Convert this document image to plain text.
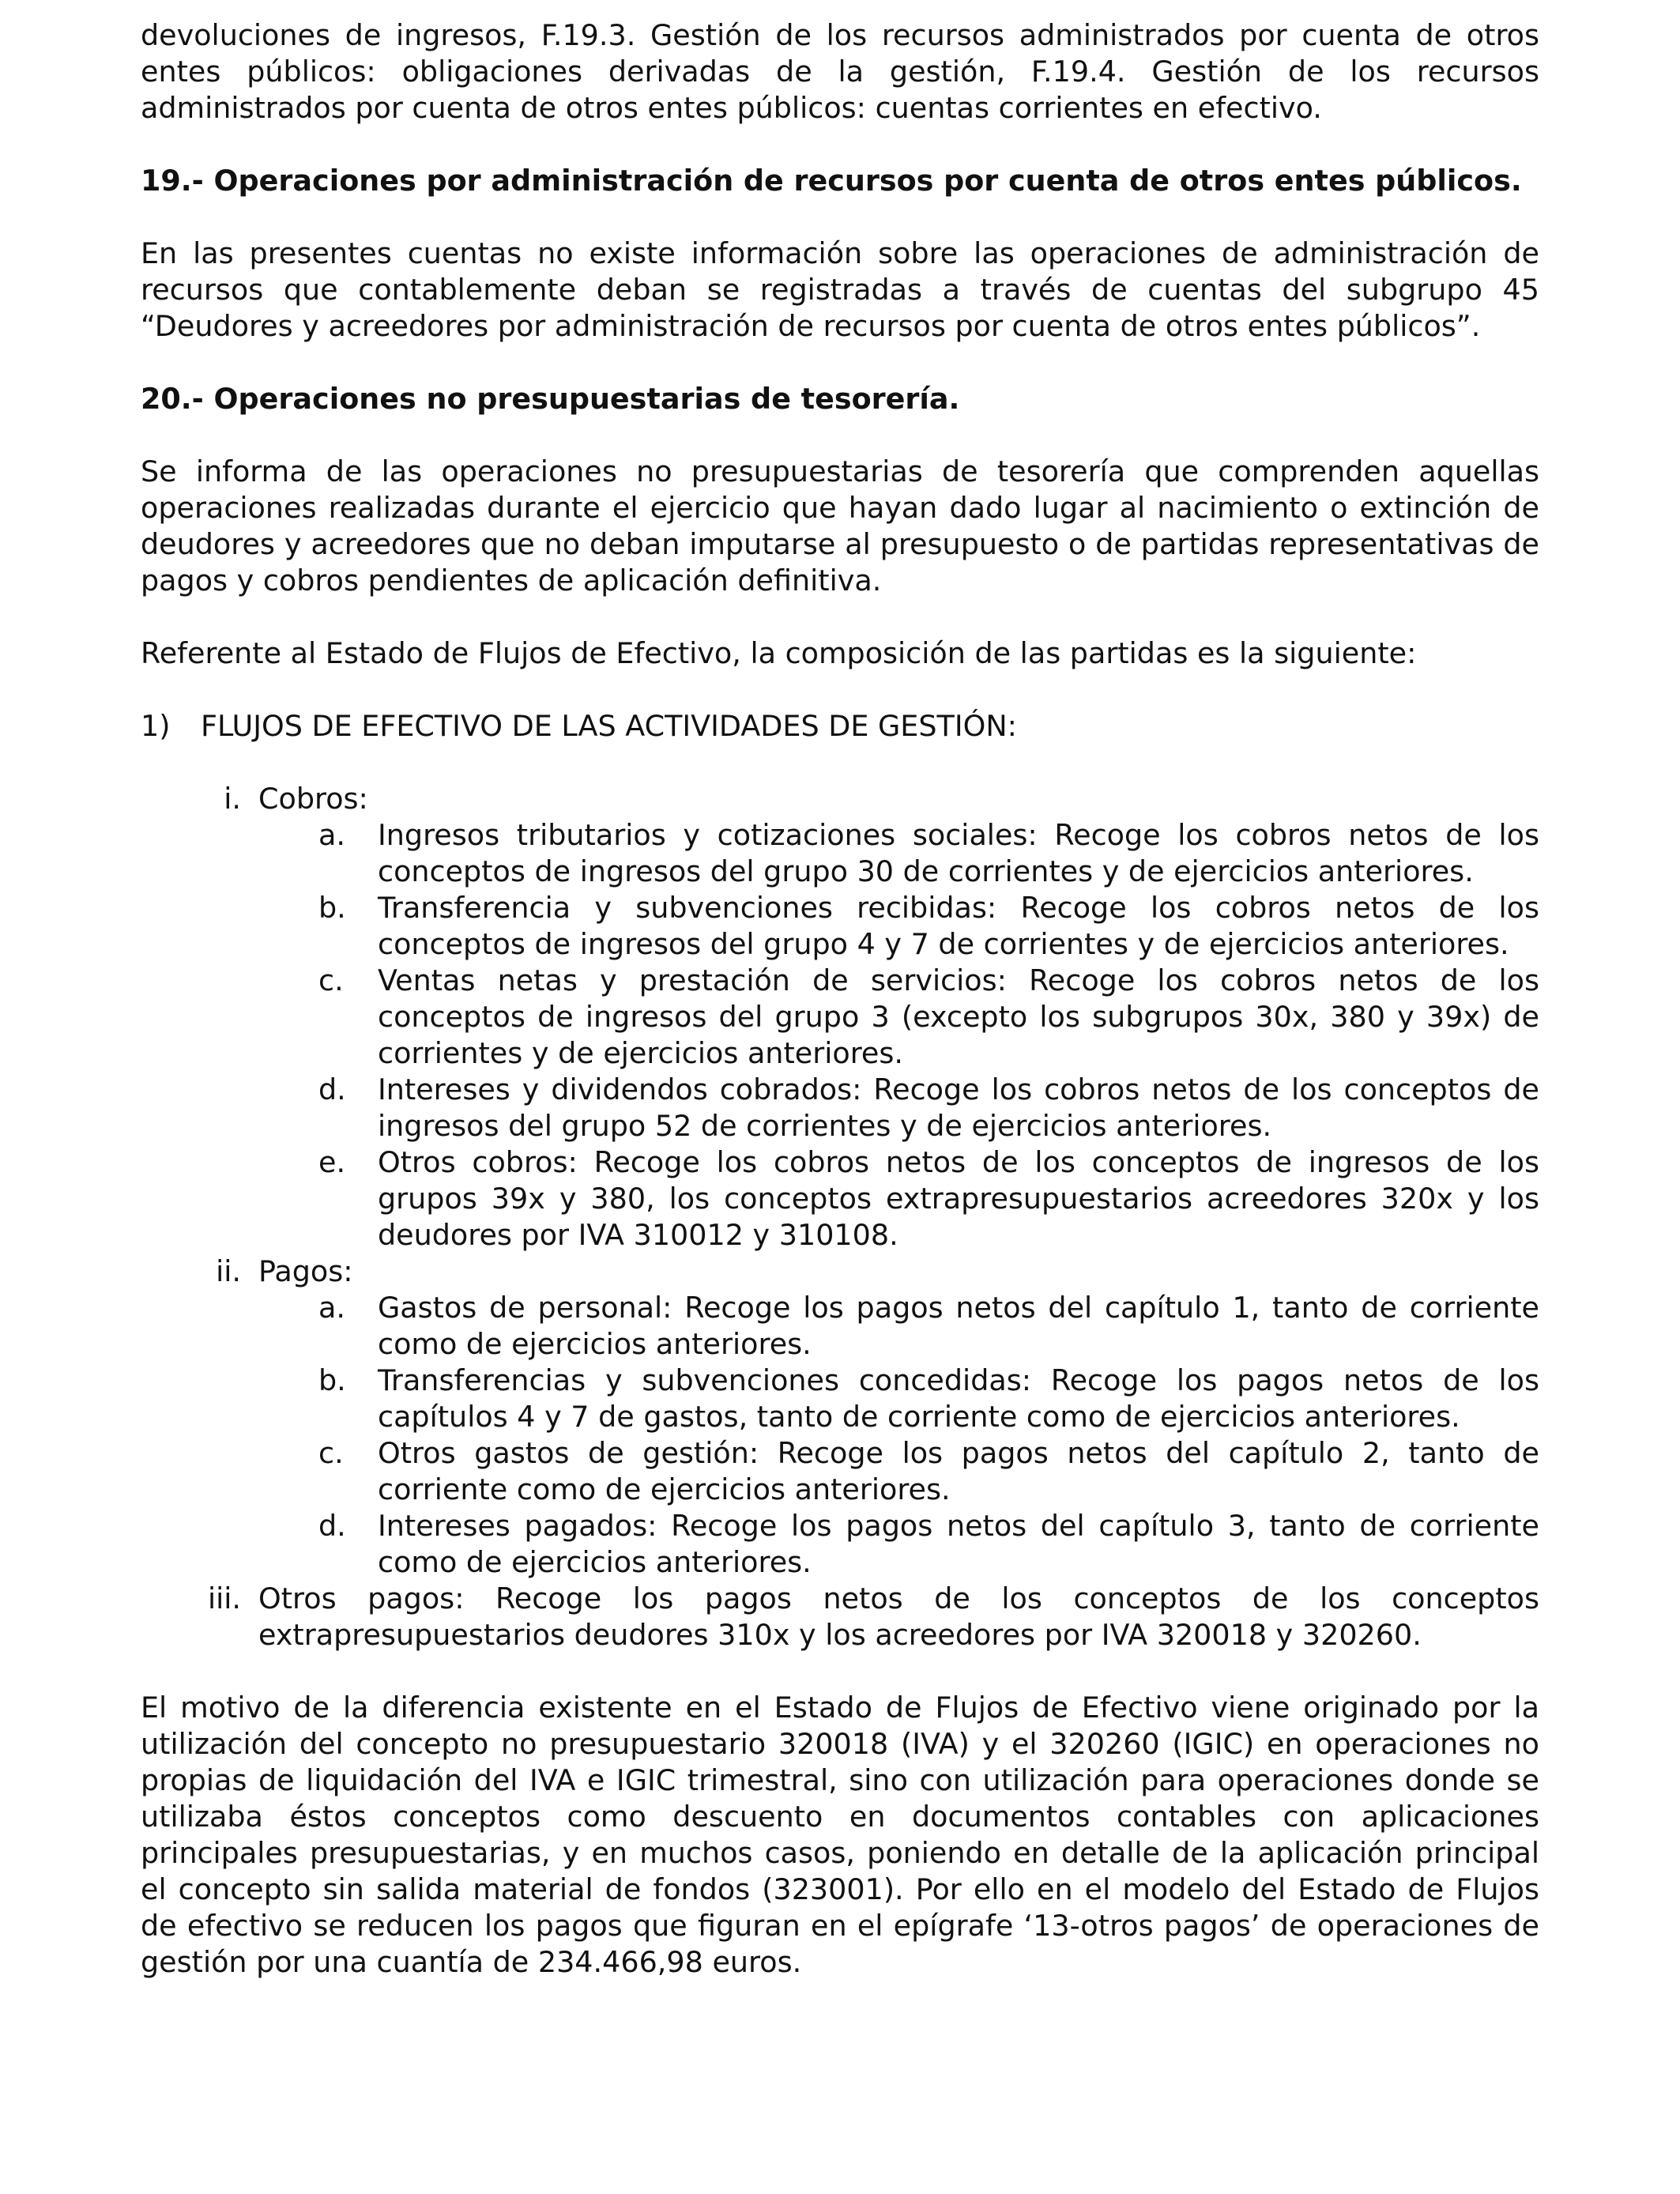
devoluciones de ingresos, F.19.3. Gestión de los recursos administrados por cuenta de otros entes públicos: obligaciones derivadas de la gestión, F.19.4. Gestión de los recursos administrados por cuenta de otros entes públicos: cuentas corrientes en efectivo.

19.- Operaciones por administración de recursos por cuenta de otros entes públicos.

En las presentes cuentas no existe información sobre las operaciones de administración de recursos que contablemente deban se registradas a través de cuentas del subgrupo 45 “Deudores y acreedores por administración de recursos por cuenta de otros entes públicos”.

20.- Operaciones no presupuestarias de tesorería.

Se informa de las operaciones no presupuestarias de tesorería que comprenden aquellas operaciones realizadas durante el ejercicio que hayan dado lugar al nacimiento o extinción de deudores y acreedores que no deban imputarse al presupuesto o de partidas representativas de pagos y cobros pendientes de aplicación definitiva.

Referente al Estado de Flujos de Efectivo, la composición de las partidas es la siguiente:

1) FLUJOS DE EFECTIVO DE LAS ACTIVIDADES DE GESTIÓN:
i. Cobros:
a. Ingresos tributarios y cotizaciones sociales: Recoge los cobros netos de los conceptos de ingresos del grupo 30 de corrientes y de ejercicios anteriores.
b. Transferencia y subvenciones recibidas: Recoge los cobros netos de los conceptos de ingresos del grupo 4 y 7 de corrientes y de ejercicios anteriores.
c. Ventas netas y prestación de servicios: Recoge los cobros netos de los conceptos de ingresos del grupo 3 (excepto los subgrupos 30x, 380 y 39x) de corrientes y de ejercicios anteriores.
d. Intereses y dividendos cobrados: Recoge los cobros netos de los conceptos de ingresos del grupo 52 de corrientes y de ejercicios anteriores.
e. Otros cobros: Recoge los cobros netos de los conceptos de ingresos de los grupos 39x y 380, los conceptos extrapresupuestarios acreedores 320x y los deudores por IVA 310012 y 310108.
ii. Pagos:
a. Gastos de personal: Recoge los pagos netos del capítulo 1, tanto de corriente como de ejercicios anteriores.
b. Transferencias y subvenciones concedidas: Recoge los pagos netos de los capítulos 4 y 7 de gastos, tanto de corriente como de ejercicios anteriores.
c. Otros gastos de gestión: Recoge los pagos netos del capítulo 2, tanto de corriente como de ejercicios anteriores.
d. Intereses pagados: Recoge los pagos netos del capítulo 3, tanto de corriente como de ejercicios anteriores.
iii. Otros pagos: Recoge los pagos netos de los conceptos de los conceptos extrapresupuestarios deudores 310x y los acreedores por IVA 320018 y 320260.

El motivo de la diferencia existente en el Estado de Flujos de Efectivo viene originado por la utilización del concepto no presupuestario 320018 (IVA) y el 320260 (IGIC) en operaciones no propias de liquidación del IVA e IGIC trimestral, sino con utilización para operaciones donde se utilizaba éstos conceptos como descuento en documentos contables con aplicaciones principales presupuestarias, y en muchos casos, poniendo en detalle de la aplicación principal el concepto sin salida material de fondos (323001). Por ello en el modelo del Estado de Flujos de efectivo se reducen los pagos que figuran en el epígrafe ‘13-otros pagos’ de operaciones de gestión por una cuantía de 234.466,98 euros.
